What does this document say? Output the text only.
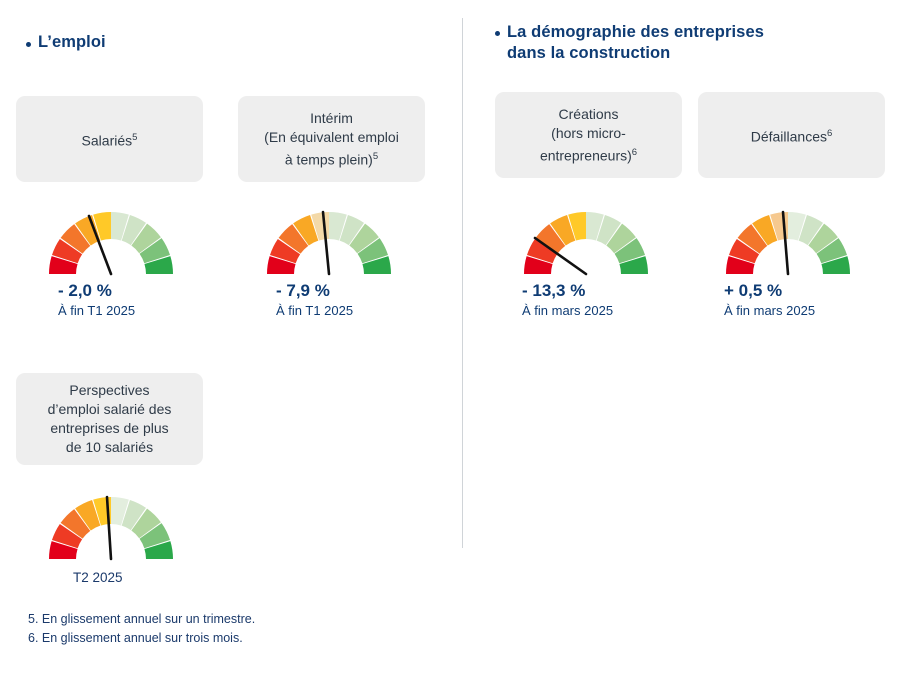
L’emploi
Salariés$^5$
Intérim
(En équivalent emploi
à temps plein)$^5$
- 2,0 %
À fin T1 2025
- 7,9 %
À fin T1 2025
Perspectives
d’emploi salarié des
entreprises de plus
de 10 salariés
T2 2025
La démographie des entreprises
dans la construction
Créations
(hors micro-
entrepreneurs)$^6$
Défaillances$^6$
- 13,3 %
À fin mars 2025
+ 0,5 %
À fin mars 2025
5. En glissement annuel sur un trimestre.
6. En glissement annuel sur trois mois.
